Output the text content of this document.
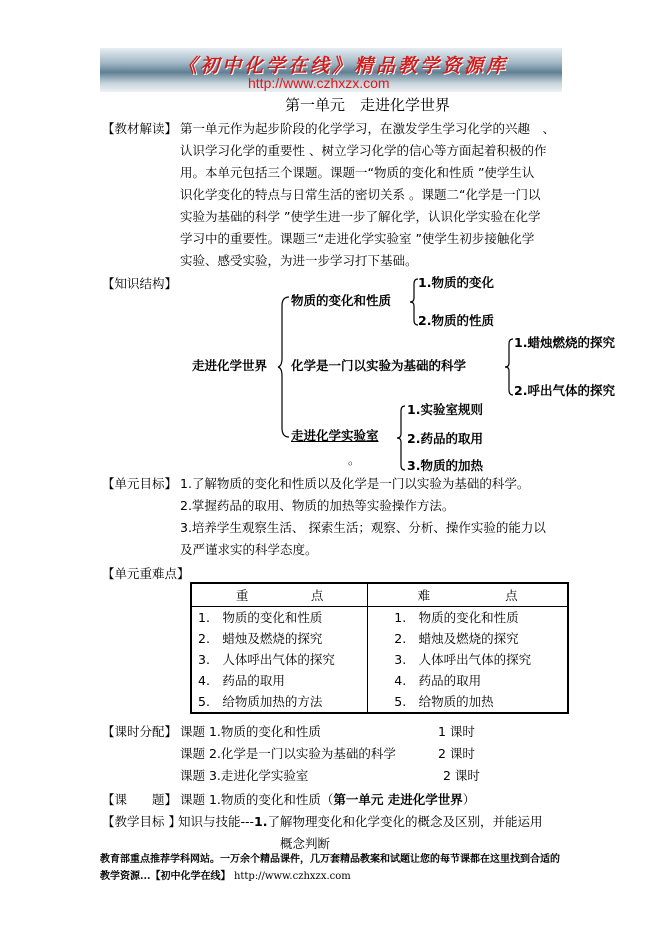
《初中化学在线》精品教学资源库
http://www.czhxzx.com
第一单元　走进化学世界
【教材解读】 第一单元作为起步阶段的化学学习，在激发学生学习化学的兴趣　、
认识学习化学的重要性 、树立学习化学的信心等方面起着积极的作
用。本单元包括三个课题。课题一“物质的变化和性质 ”使学生认
识化学变化的特点与日常生活的密切关系 。课题二“化学是一门以
实验为基础的科学 ”使学生进一步了解化学，认识化学实验在化学
学习中的重要性。课题三“走进化学实验室 ”使学生初步接触化学
实验、感受实验，为进一步学习打下基础。
【知识结构】
走进化学世界
物质的变化和性质
化学是一门以实验为基础的科学
走进化学实验室
。
1.物质的变化
2.物质的性质
1.蜡烛燃烧的探究
2.呼出气体的探究
1.实验室规则
2.药品的取用
3.物质的加热
【单元目标】 1.了解物质的变化和性质以及化学是一门以实验为基础的科学。
2.掌握药品的取用、物质的加热等实验操作方法。
3.培养学生观察生活、 探索生活；观察、分析、操作实验的能力以
及严谨求实的科学态度。
【单元重难点】
重　　　　　点	难　　　　　　点
1.　物质的变化和性质	1.　物质的变化和性质
2.　蜡烛及燃烧的探究	2.　蜡烛及燃烧的探究
3.　人体呼出气体的探究	3.　人体呼出气体的探究
4.　药品的取用	4.　药品的取用
5.　给物质加热的方法	5.　给物质的加热
【课时分配】 课题 1.物质的变化和性质	1 课时
课题 2.化学是一门以实验为基础的科学	2 课时
课题 3.走进化学实验室	2 课时
【课　　题】 课题 1.物质的变化和性质（第一单元 走进化学世界）
【教学目标 】
知识与技能---1.了解物理变化和化学变化的概念及区别，并能运用
概念判断
教育部重点推荐学科网站。一万余个精品课件，几万套精品教案和试题让您的每节课都在这里找到合适的
教学资源...【初中化学在线】 http://www.czhxzx.com
